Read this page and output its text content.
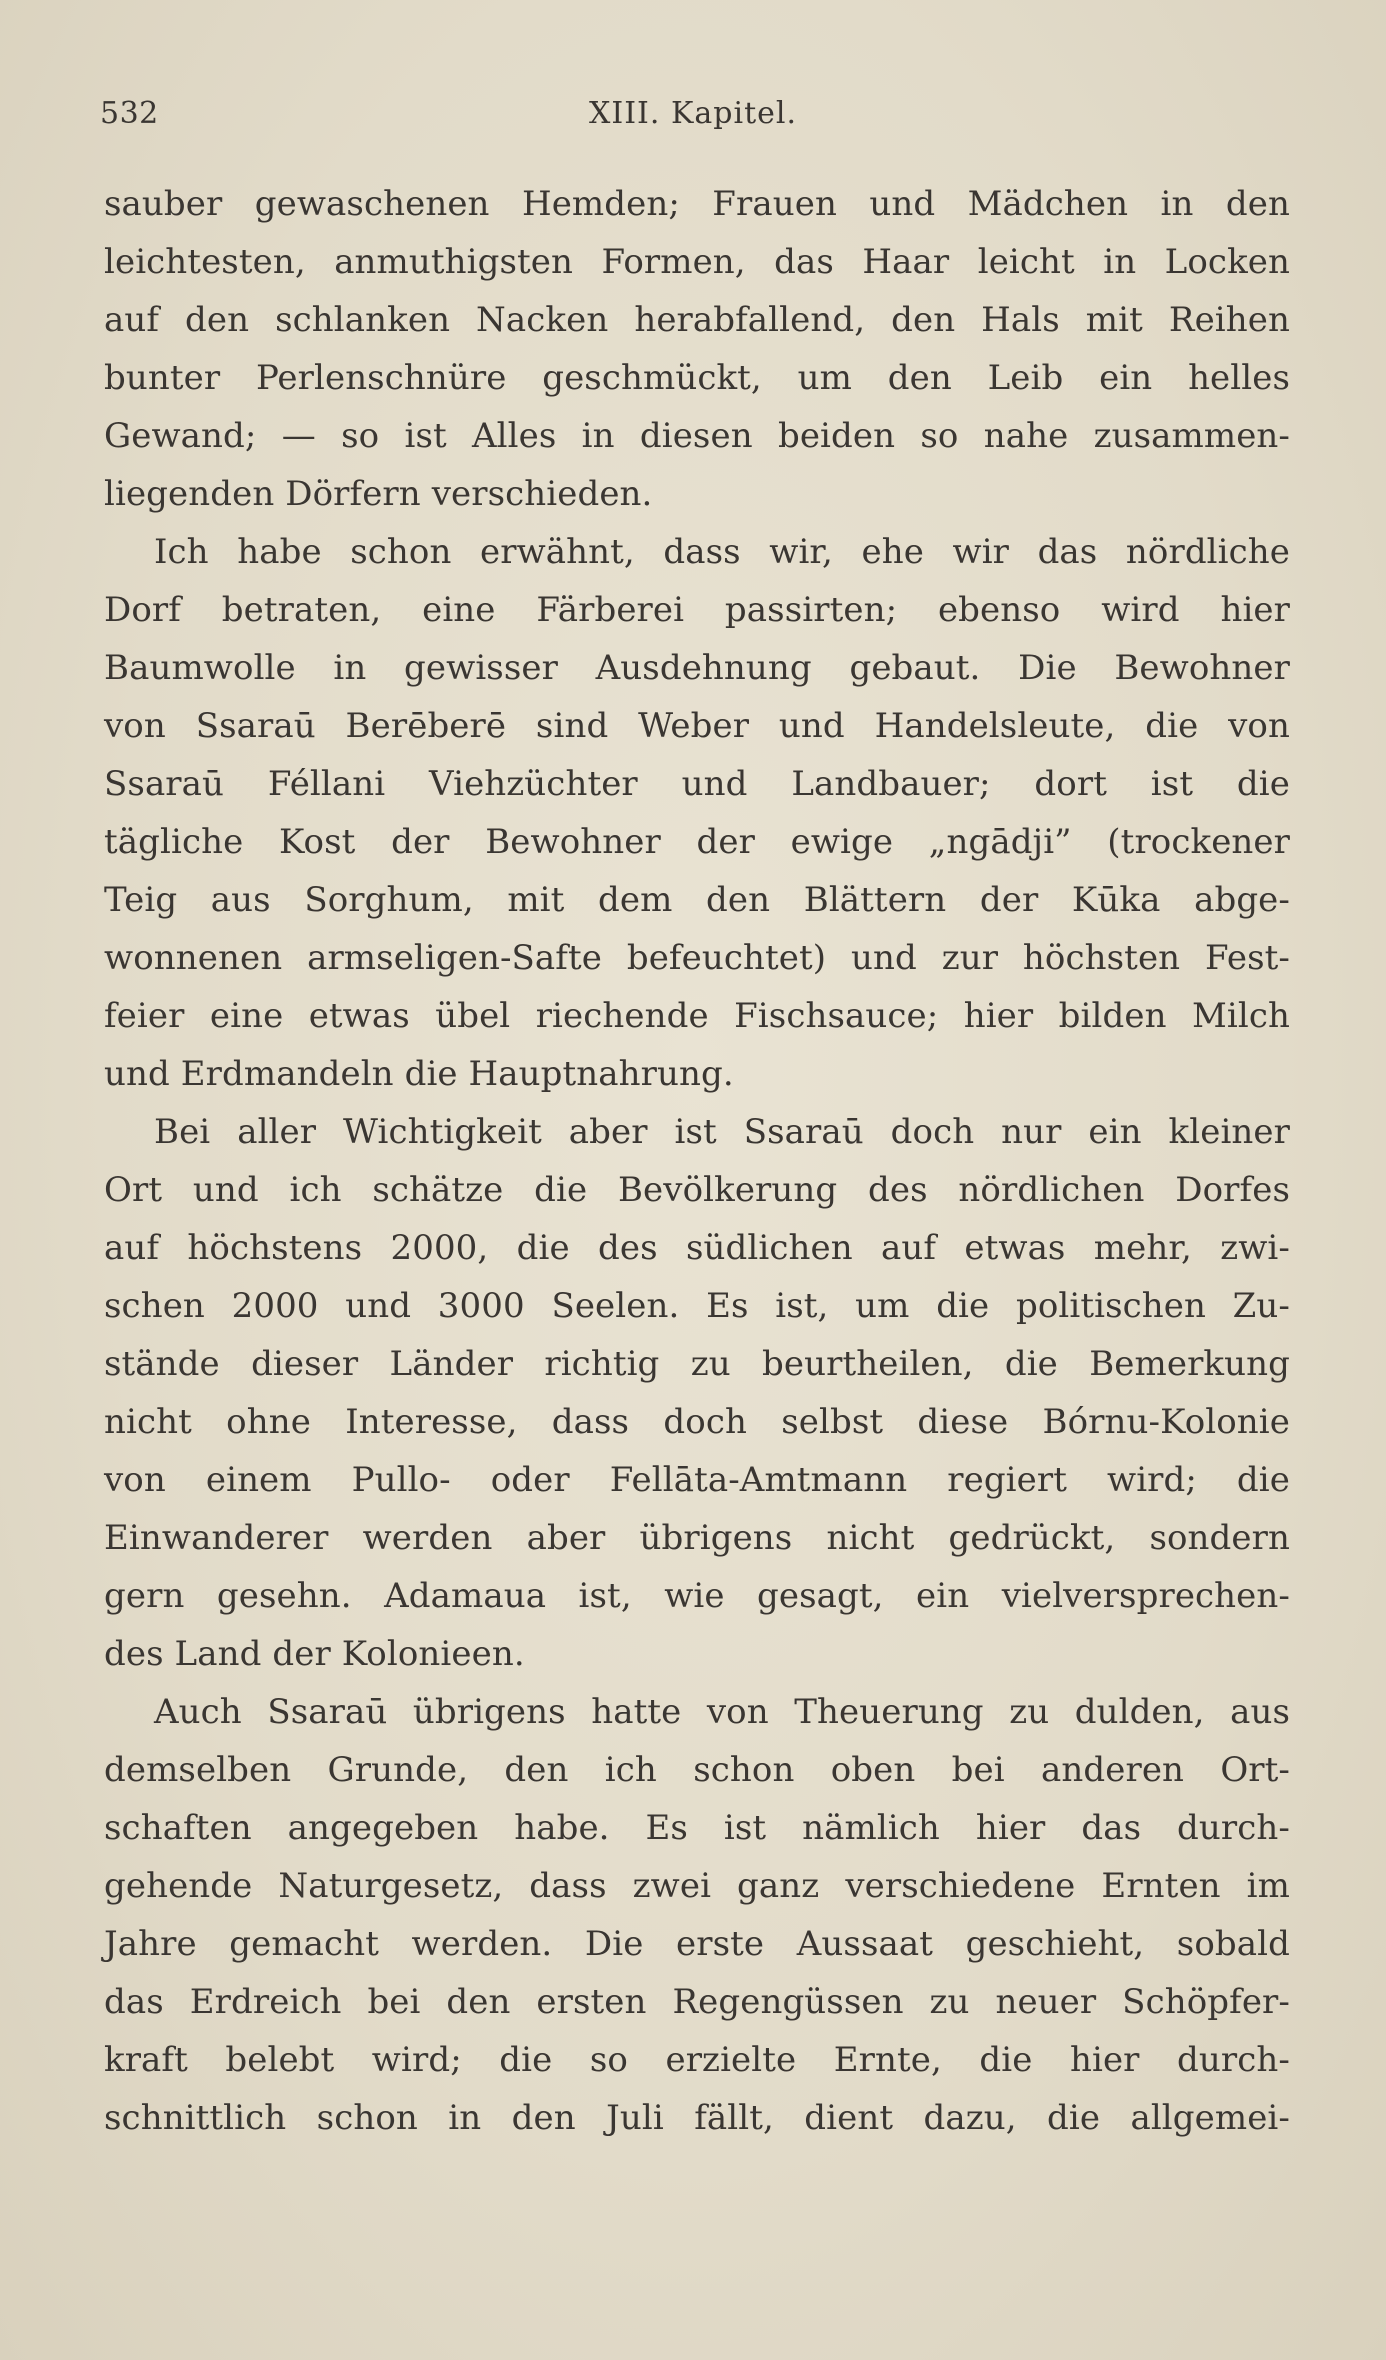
532	XIII. Kapitel.
sauber gewaschenen Hemden; Frauen und Mädchen in den
leichtesten, anmuthigsten Formen, das Haar leicht in Locken
auf den schlanken Nacken herabfallend, den Hals mit Reihen
bunter Perlenschnüre geschmückt, um den Leib ein helles
Gewand; — so ist Alles in diesen beiden so nahe zusammen-
liegenden Dörfern verschieden.
Ich habe schon erwähnt, dass wir, ehe wir das nördliche
Dorf betraten, eine Färberei passirten; ebenso wird hier
Baumwolle in gewisser Ausdehnung gebaut. Die Bewohner
von Ssaraū Berēberē sind Weber und Handelsleute, die von
Ssaraū Féllani Viehzüchter und Landbauer; dort ist die
tägliche Kost der Bewohner der ewige „ngādji” (trockener
Teig aus Sorghum, mit dem den Blättern der Kūka abge-
wonnenen armseligen-Safte befeuchtet) und zur höchsten Fest-
feier eine etwas übel riechende Fischsauce; hier bilden Milch
und Erdmandeln die Hauptnahrung.
Bei aller Wichtigkeit aber ist Ssaraū doch nur ein kleiner
Ort und ich schätze die Bevölkerung des nördlichen Dorfes
auf höchstens 2000, die des südlichen auf etwas mehr, zwi-
schen 2000 und 3000 Seelen. Es ist, um die politischen Zu-
stände dieser Länder richtig zu beurtheilen, die Bemerkung
nicht ohne Interesse, dass doch selbst diese Bórnu-Kolonie
von einem Pullo- oder Fellāta-Amtmann regiert wird; die
Einwanderer werden aber übrigens nicht gedrückt, sondern
gern gesehn. Adamaua ist, wie gesagt, ein vielversprechen-
des Land der Kolonieen.
Auch Ssaraū übrigens hatte von Theuerung zu dulden, aus
demselben Grunde, den ich schon oben bei anderen Ort-
schaften angegeben habe. Es ist nämlich hier das durch-
gehende Naturgesetz, dass zwei ganz verschiedene Ernten im
Jahre gemacht werden. Die erste Aussaat geschieht, sobald
das Erdreich bei den ersten Regengüssen zu neuer Schöpfer-
kraft belebt wird; die so erzielte Ernte, die hier durch-
schnittlich schon in den Juli fällt, dient dazu, die allgemei-
